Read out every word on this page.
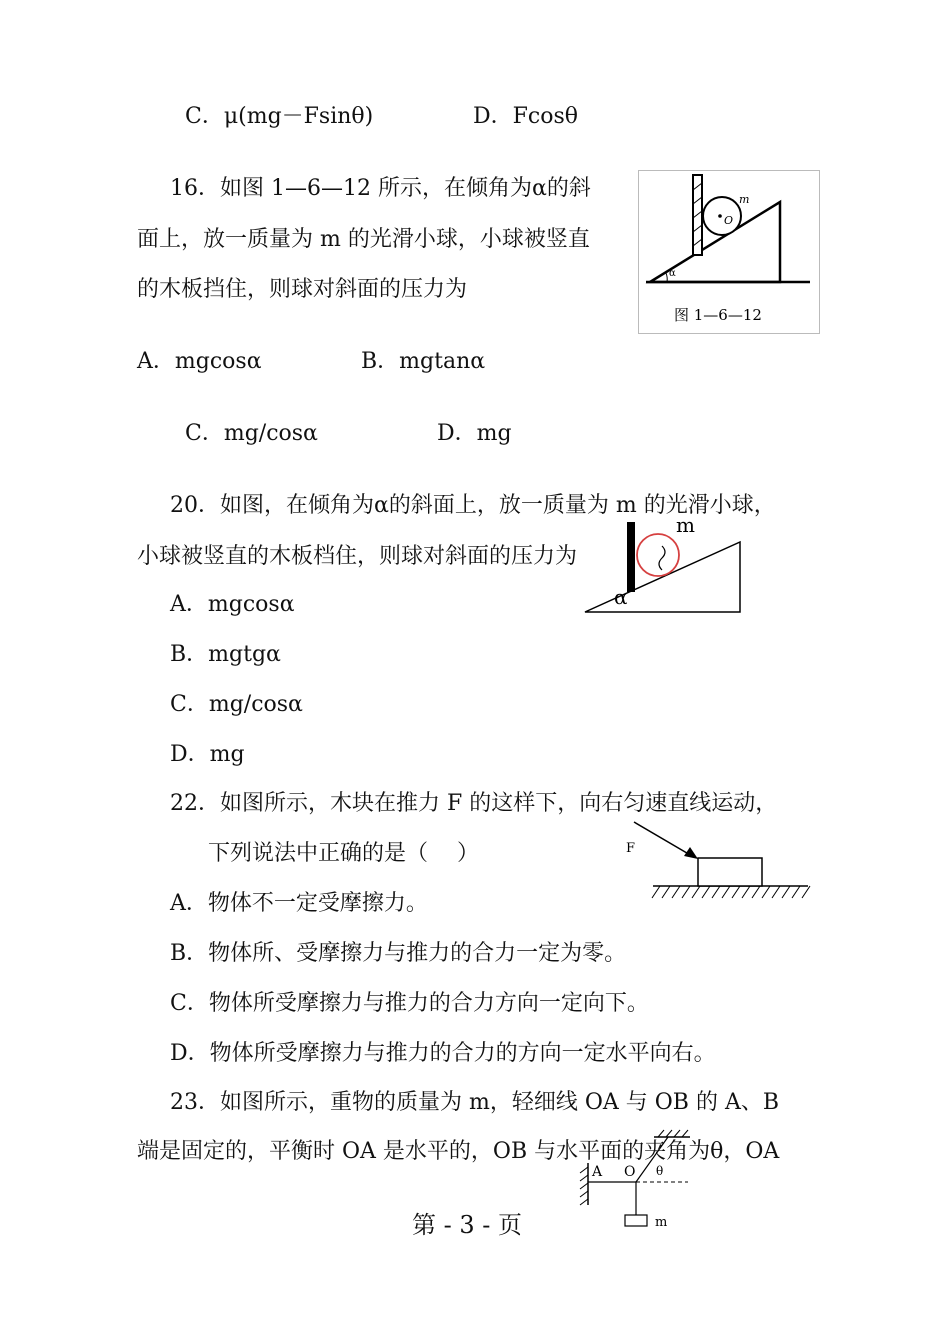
C．μ(mg－Fsinθ)	D．Fcosθ
16．如图 1—6—12 所示，在倾角为α的斜
面上，放一质量为 m 的光滑小球，小球被竖直
的木板挡住，则球对斜面的压力为
m
O
α
图 1—6—12
A．mgcosα	B．mgtanα
C．mg/cosα	D．mg
20．如图，在倾角为α的斜面上，放一质量为 m 的光滑小球，
小球被竖直的木板档住，则球对斜面的压力为
m
α
A．mgcosα
B．mgtgα
C．mg/cosα
D．mg
22．如图所示，木块在推力 F 的这样下，向右匀速直线运动，
下列说法中正确的是（　 ）	F
A．物体不一定受摩擦力。
B．物体所、受摩擦力与推力的合力一定为零。
C．物体所受摩擦力与推力的合力方向一定向下。
D．物体所受摩擦力与推力的合力的方向一定水平向右。
23．如图所示，重物的质量为 m，轻细线 OA 与 OB 的 A、B
端是固定的，平衡时 OA 是水平的，OB 与水平面的夹角为θ，OA
A O θ
m
第 - 3 - 页
